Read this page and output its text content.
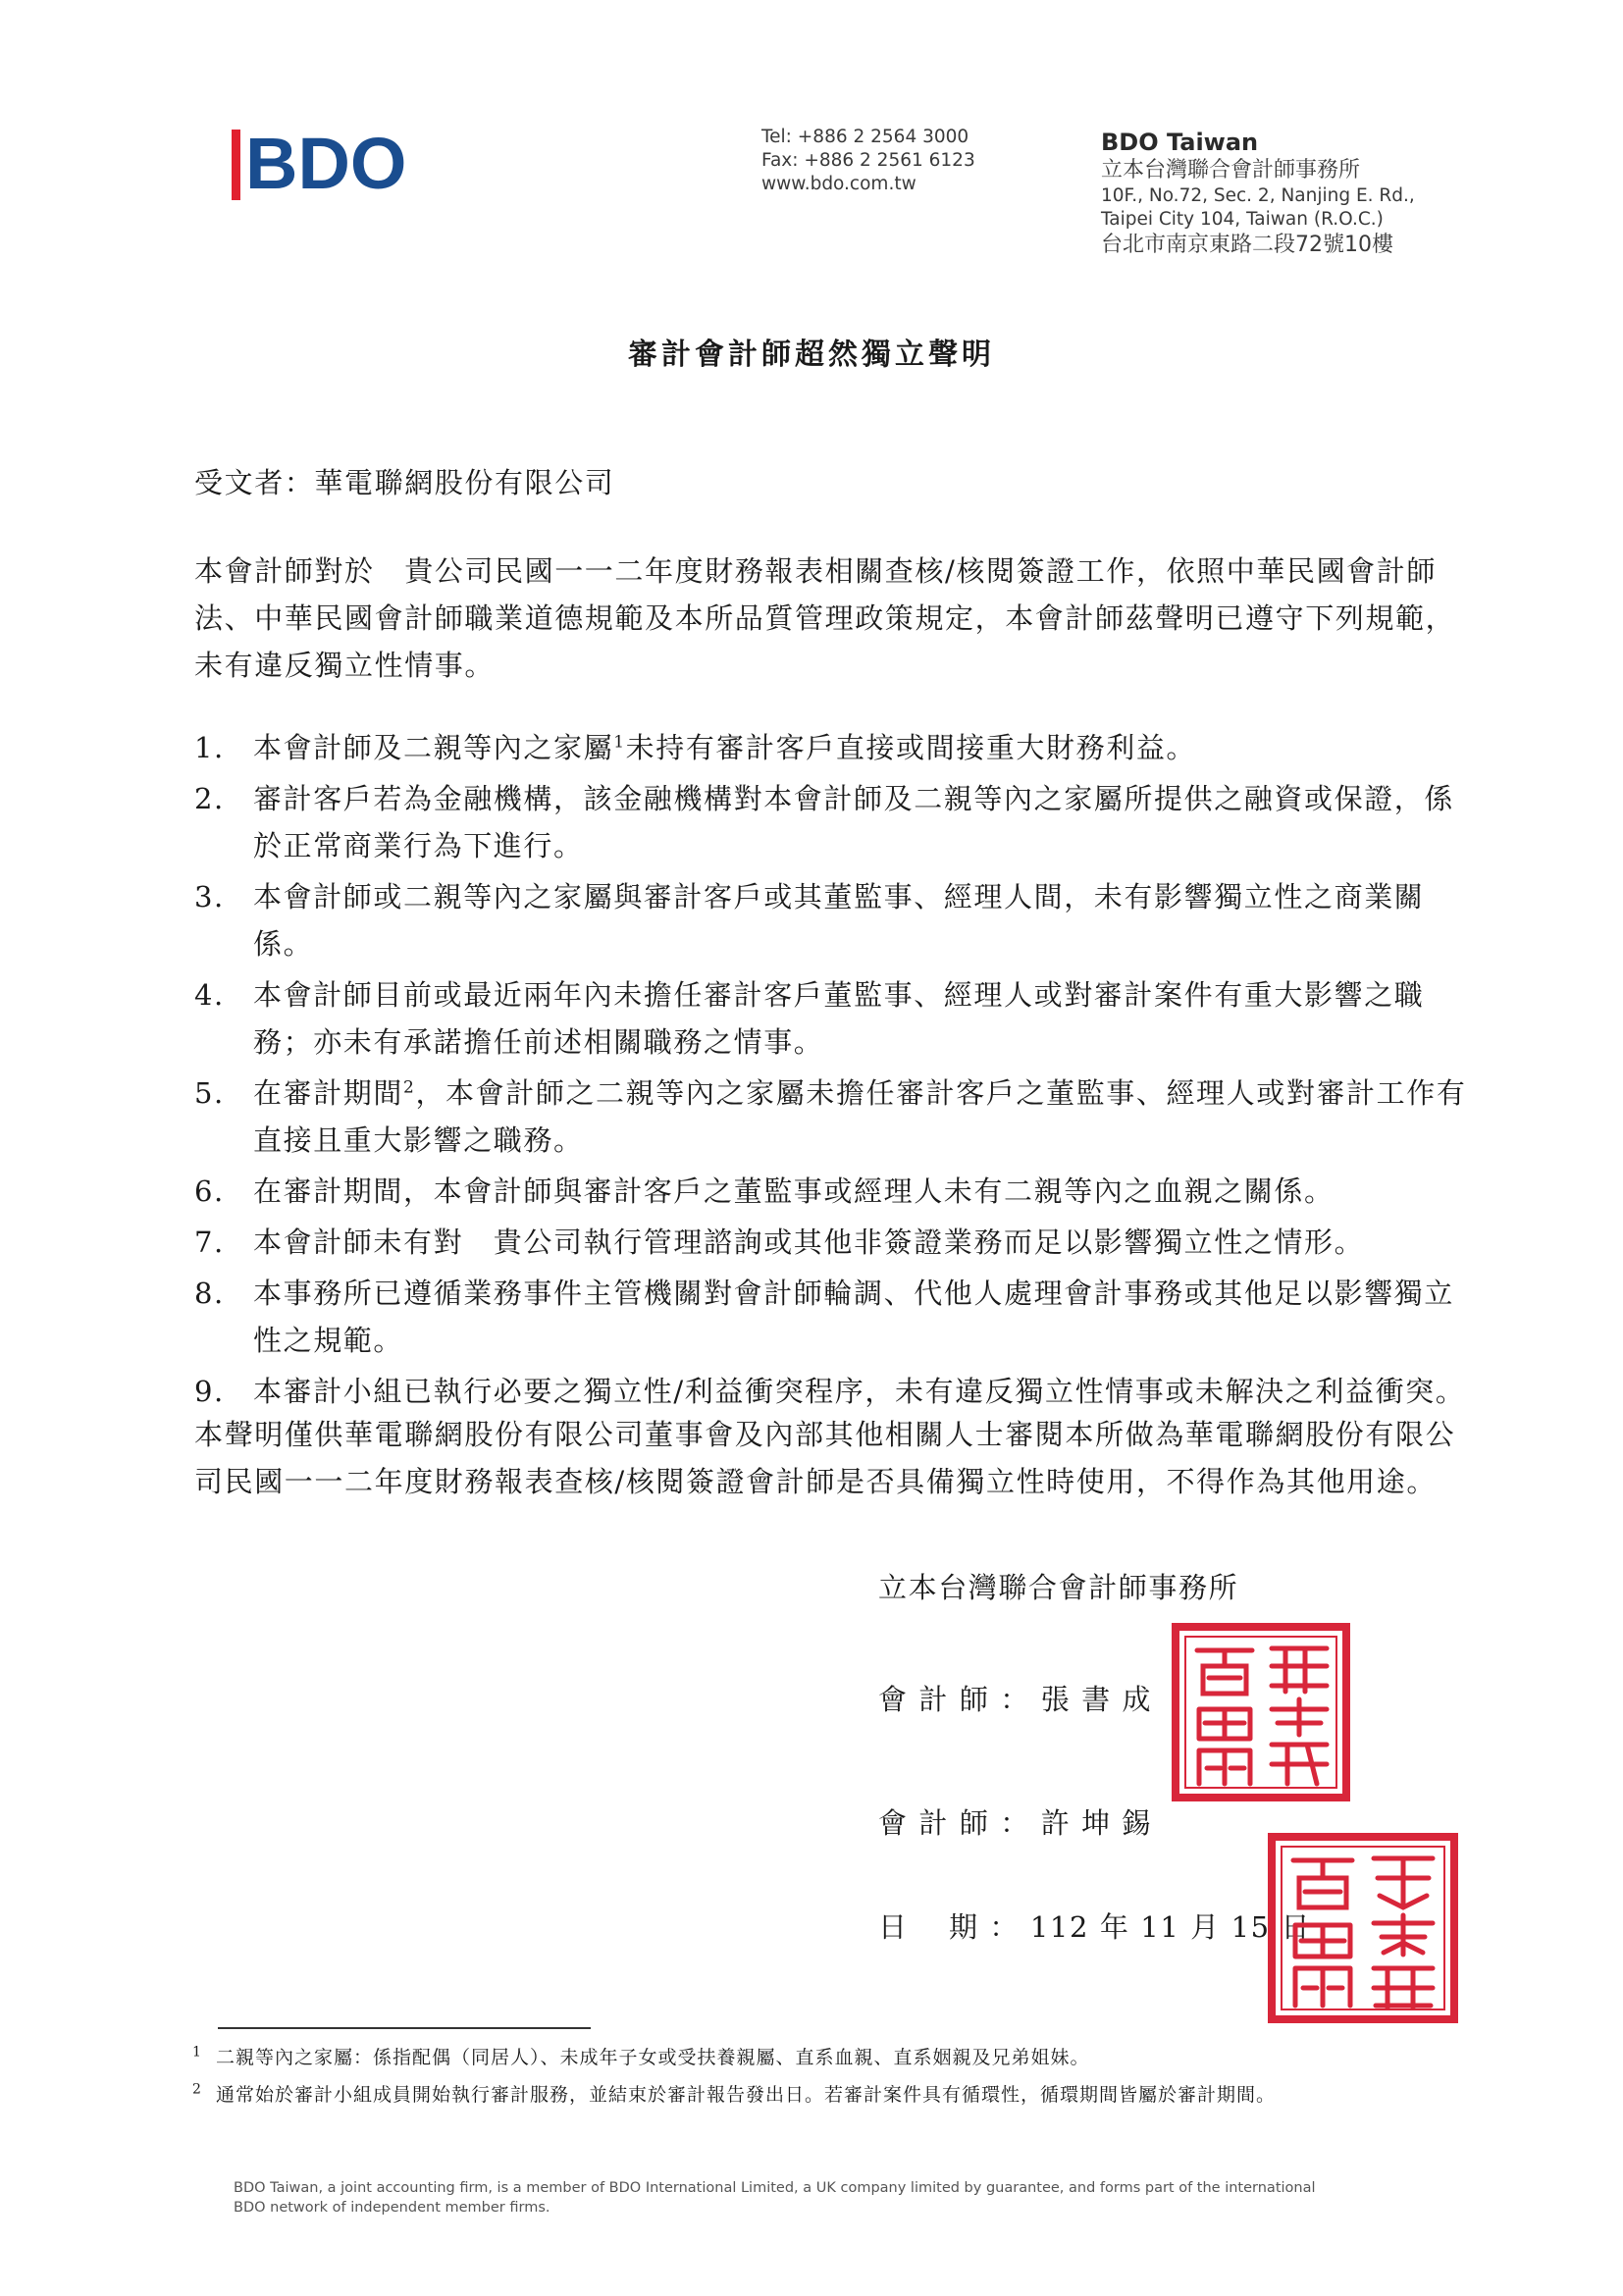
BDO	Tel: +886 2 2564 3000
Fax: +886 2 2561 6123
www.bdo.com.tw
BDO Taiwan
立本台灣聯合會計師事務所
10F., No.72, Sec. 2, Nanjing E. Rd.,
Taipei City 104, Taiwan (R.O.C.)
台北市南京東路二段72號10樓
審計會計師超然獨立聲明
受文者：華電聯網股份有限公司
本會計師對於　貴公司民國一一二年度財務報表相關查核/核閱簽證工作，依照中華民國會計師法、中華民國會計師職業道德規範及本所品質管理政策規定，本會計師茲聲明已遵守下列規範，未有違反獨立性情事。
1.	本會計師及二親等內之家屬$^1$未持有審計客戶直接或間接重大財務利益。
2.	審計客戶若為金融機構，該金融機構對本會計師及二親等內之家屬所提供之融資或保證，係於正常商業行為下進行。
3.	本會計師或二親等內之家屬與審計客戶或其董監事、經理人間，未有影響獨立性之商業關係。
4.	本會計師目前或最近兩年內未擔任審計客戶董監事、經理人或對審計案件有重大影響之職務；亦未有承諾擔任前述相關職務之情事。
5.	在審計期間$^2$，本會計師之二親等內之家屬未擔任審計客戶之董監事、經理人或對審計工作有直接且重大影響之職務。
6.	在審計期間，本會計師與審計客戶之董監事或經理人未有二親等內之血親之關係。
7.	本會計師未有對　貴公司執行管理諮詢或其他非簽證業務而足以影響獨立性之情形。
8.	本事務所已遵循業務事件主管機關對會計師輪調、代他人處理會計事務或其他足以影響獨立性之規範。
9.	本審計小組已執行必要之獨立性/利益衝突程序，未有違反獨立性情事或未解決之利益衝突。
本聲明僅供華電聯網股份有限公司董事會及內部其他相關人士審閱本所做為華電聯網股份有限公司民國一一二年度財務報表查核/核閱簽證會計師是否具備獨立性時使用，不得作為其他用途。
立本台灣聯合會計師事務所
會 計 師 ： 張 書 成
會 計 師 ： 許 坤 錫
日　 期 ： 112 年 11 月 15 日
$^1$ 二親等內之家屬：係指配偶（同居人）、未成年子女或受扶養親屬、直系血親、直系姻親及兄弟姐妹。
$^2$ 通常始於審計小組成員開始執行審計服務，並結束於審計報告發出日。若審計案件具有循環性，循環期間皆屬於審計期間。
BDO Taiwan, a joint accounting firm, is a member of BDO International Limited, a UK company limited by guarantee, and forms part of the international
BDO network of independent member firms.
